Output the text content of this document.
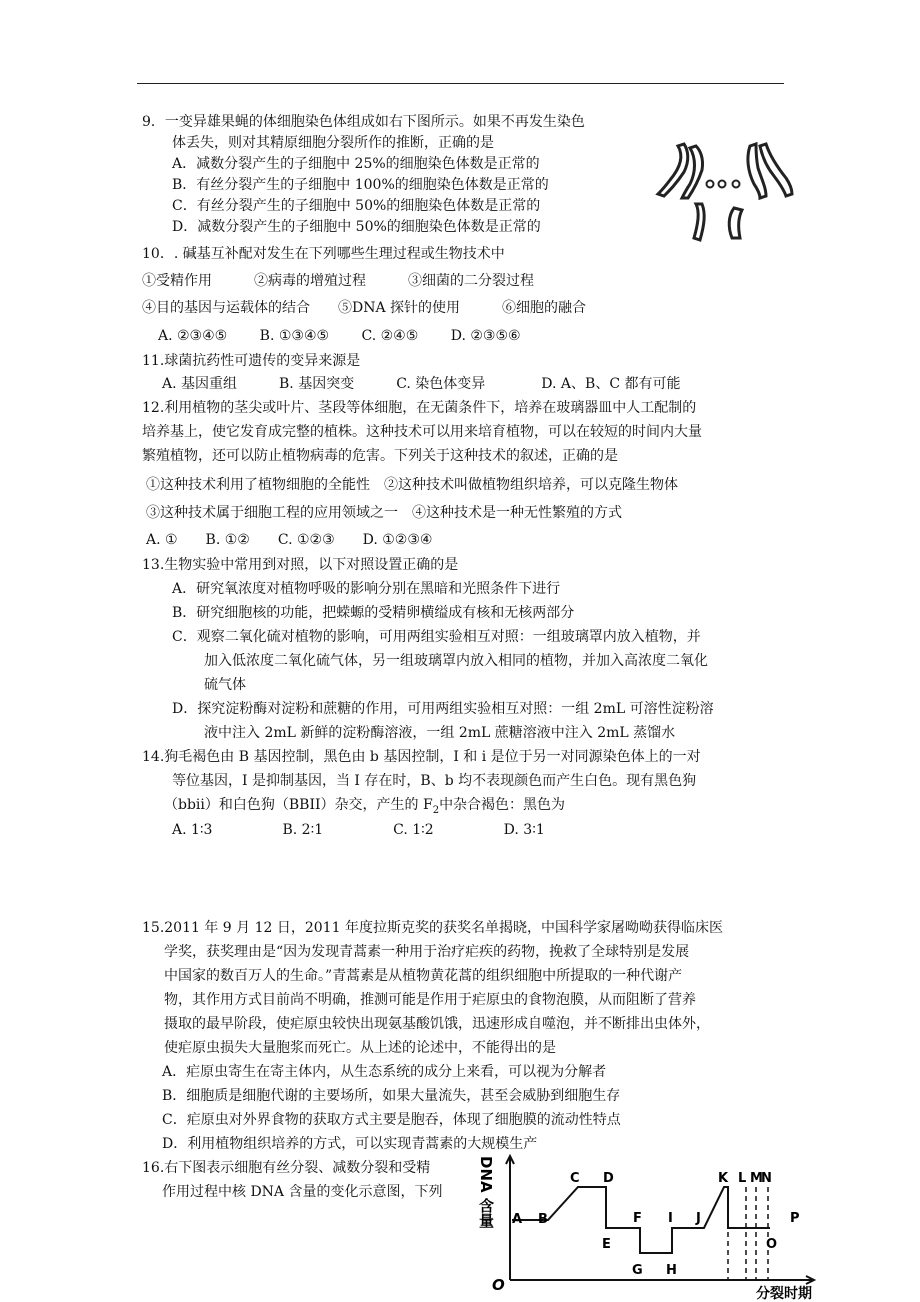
9．一变异雄果蝇的体细胞染色体组成如右下图所示。如果不再发生染色
体丢失，则对其精原细胞分裂所作的推断，正确的是
A．减数分裂产生的子细胞中 25%的细胞染色体数是正常的
B．有丝分裂产生的子细胞中 100%的细胞染色体数是正常的
C．有丝分裂产生的子细胞中 50%的细胞染色体数是正常的
D．减数分裂产生的子细胞中 50%的细胞染色体数是正常的
10．. 碱基互补配对发生在下列哪些生理过程或生物技术中
①受精作用　　　②病毒的增殖过程　　　③细菌的二分裂过程
④目的基因与运载体的结合　　⑤DNA 探针的使用　　　⑥细胞的融合
A. ②③④⑤　　 B. ①③④⑤　　 C. ②④⑤　　 D. ②③⑤⑥
11.球菌抗药性可遗传的变异来源是
A. 基因重组　　　B. 基因突变　　　C. 染色体变异　　　　D. A、B、C 都有可能
12.利用植物的茎尖或叶片、茎段等体细胞，在无菌条件下，培养在玻璃器皿中人工配制的
培养基上，使它发育成完整的植株。这种技术可以用来培育植物，可以在较短的时间内大量
繁殖植物，还可以防止植物病毒的危害。下列关于这种技术的叙述，正确的是
①这种技术利用了植物细胞的全能性　②这种技术叫做植物组织培养，可以克隆生物体
③这种技术属于细胞工程的应用领域之一　④这种技术是一种无性繁殖的方式
A. ①　　B. ①②　　C. ①②③　　D. ①②③④
13.生物实验中常用到对照，以下对照设置正确的是
A．研究氧浓度对植物呼吸的影响分别在黑暗和光照条件下进行
B．研究细胞核的功能，把蝾螈的受精卵横缢成有核和无核两部分
C．观察二氧化硫对植物的影响，可用两组实验相互对照：一组玻璃罩内放入植物，并
加入低浓度二氧化硫气体，另一组玻璃罩内放入相同的植物，并加入高浓度二氧化
硫气体
D．探究淀粉酶对淀粉和蔗糖的作用，可用两组实验相互对照：一组 2mL 可溶性淀粉溶
液中注入 2mL 新鲜的淀粉酶溶液，一组 2mL 蔗糖溶液中注入 2mL 蒸馏水
14.狗毛褐色由 B 基因控制，黑色由 b 基因控制，I 和 i 是位于另一对同源染色体上的一对
等位基因，I 是抑制基因，当 I 存在时，B、b 均不表现颜色而产生白色。现有黑色狗
（bbii）和白色狗（BBII）杂交，产生的 $F_2$中杂合褐色：黑色为
A. 1∶3　　　　　B. 2∶1　　　　　C. 1∶2　　　　　D. 3∶1
15.2011 年 9 月 12 日，2011 年度拉斯克奖的获奖名单揭晓，中国科学家屠呦呦获得临床医
学奖，获奖理由是“因为发现青蒿素一种用于治疗疟疾的药物，挽救了全球特别是发展
中国家的数百万人的生命。”青蒿素是从植物黄花蒿的组织细胞中所提取的一种代谢产
物，其作用方式目前尚不明确，推测可能是作用于疟原虫的食物泡膜，从而阻断了营养
摄取的最早阶段，使疟原虫较快出现氨基酸饥饿，迅速形成自噬泡，并不断排出虫体外，
使疟原虫损失大量胞浆而死亡。从上述的论述中，不能得出的是
A．疟原虫寄生在寄主体内，从生态系统的成分上来看，可以视为分解者
B．细胞质是细胞代谢的主要场所，如果大量流失，甚至会威胁到细胞生存
C．疟原虫对外界食物的获取方式主要是胞吞，体现了细胞膜的流动性特点
D．利用植物组织培养的方式，可以实现青蒿素的大规模生产
16.右下图表示细胞有丝分裂、减数分裂和受精
作用过程中核 DNA 含量的变化示意图，下列 DNA 含量
O	分裂时期
A B
C D
E
F
G H
I J
K L M
N
O
P
